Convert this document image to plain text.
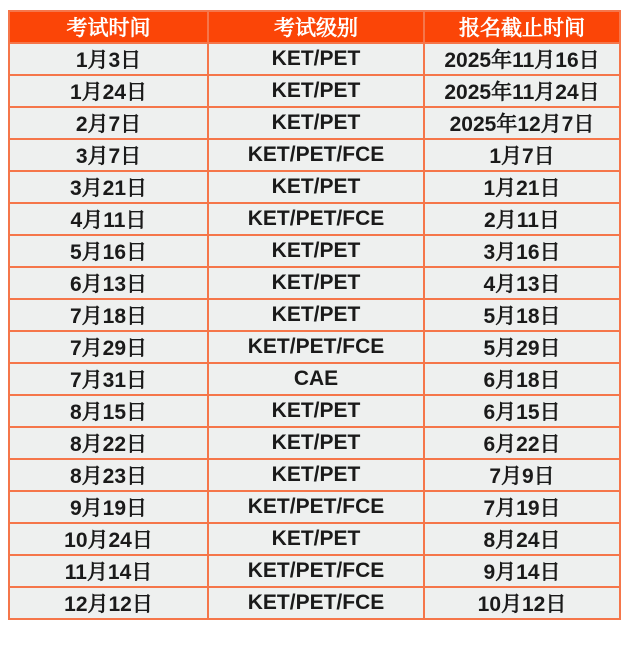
考试时间	考试级别	报名截止时间
1月3日	KET/PET	2025年11月16日
1月24日	KET/PET	2025年11月24日
2月7日	KET/PET	2025年12月7日
3月7日	KET/PET/FCE	1月7日
3月21日	KET/PET	1月21日
4月11日	KET/PET/FCE	2月11日
5月16日	KET/PET	3月16日
6月13日	KET/PET	4月13日
7月18日	KET/PET	5月18日
7月29日	KET/PET/FCE	5月29日
7月31日	CAE	6月18日
8月15日	KET/PET	6月15日
8月22日	KET/PET	6月22日
8月23日	KET/PET	7月9日
9月19日	KET/PET/FCE	7月19日
10月24日	KET/PET	8月24日
11月14日	KET/PET/FCE	9月14日
12月12日	KET/PET/FCE	10月12日
